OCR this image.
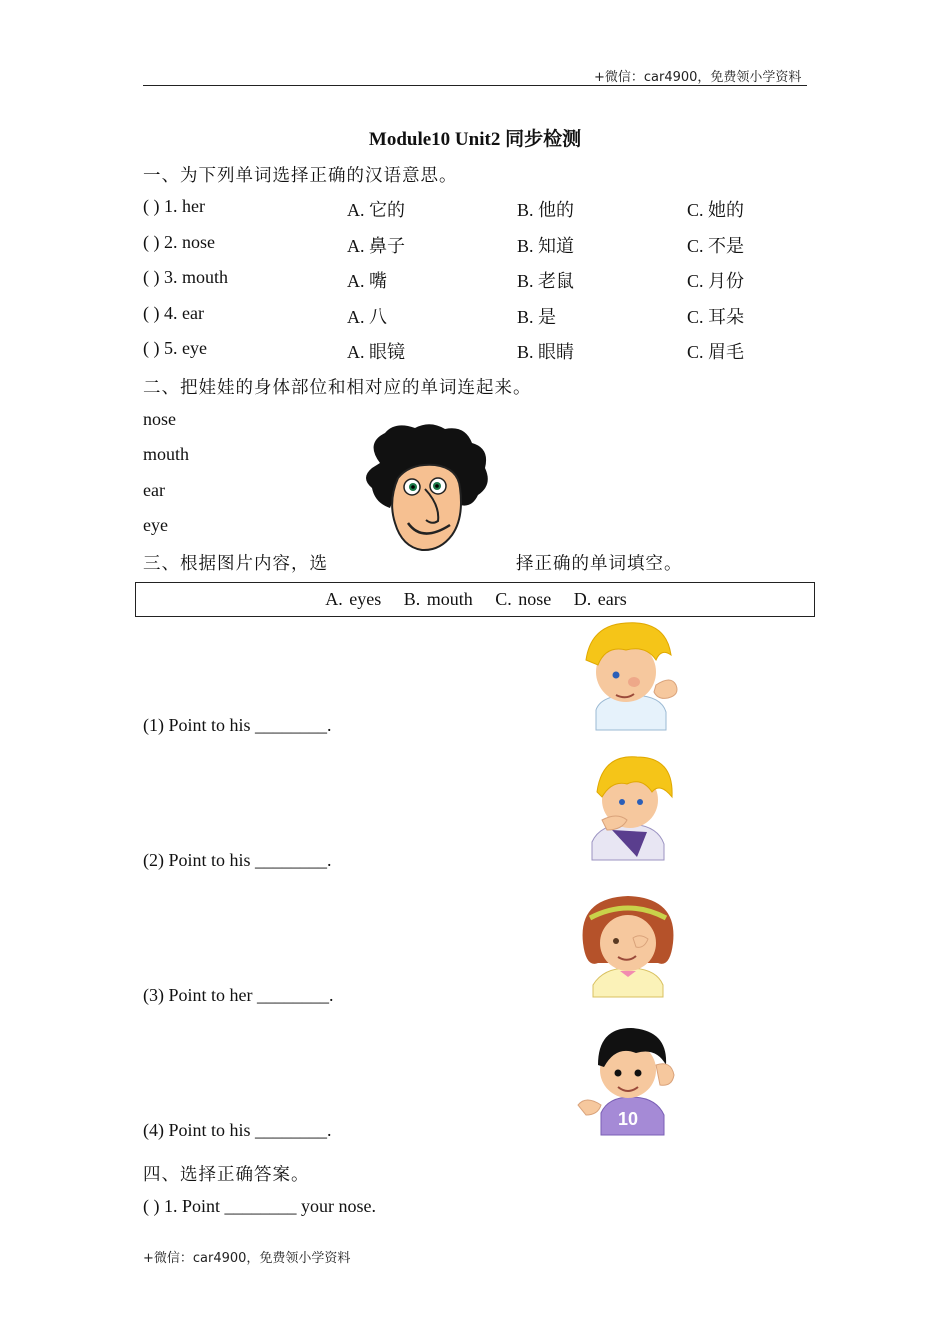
+微信：car4900，免费领小学资料
Module10 Unit2 同步检测
一、为下列单词选择正确的汉语意思。
( ) 1. her	A. 它的	B. 他的	C. 她的
( ) 2. nose	A. 鼻子	B. 知道	C. 不是
( ) 3. mouth	A. 嘴	B. 老鼠	C. 月份
( ) 4. ear	A. 八	B. 是	C. 耳朵
( ) 5. eye	A. 眼镜	B. 眼睛	C. 眉毛
二、把娃娃的身体部位和相对应的单词连起来。
nose
mouth
ear
eye
三、根据图片内容，选	择正确的单词填空。
A. eyes B. mouth C. nose D. ears
(1) Point to his ________.
(2) Point to his ________.
(3) Point to her ________.
10
(4) Point to his ________.
四、选择正确答案。
( ) 1. Point ________ your nose.
+微信：car4900，免费领小学资料
